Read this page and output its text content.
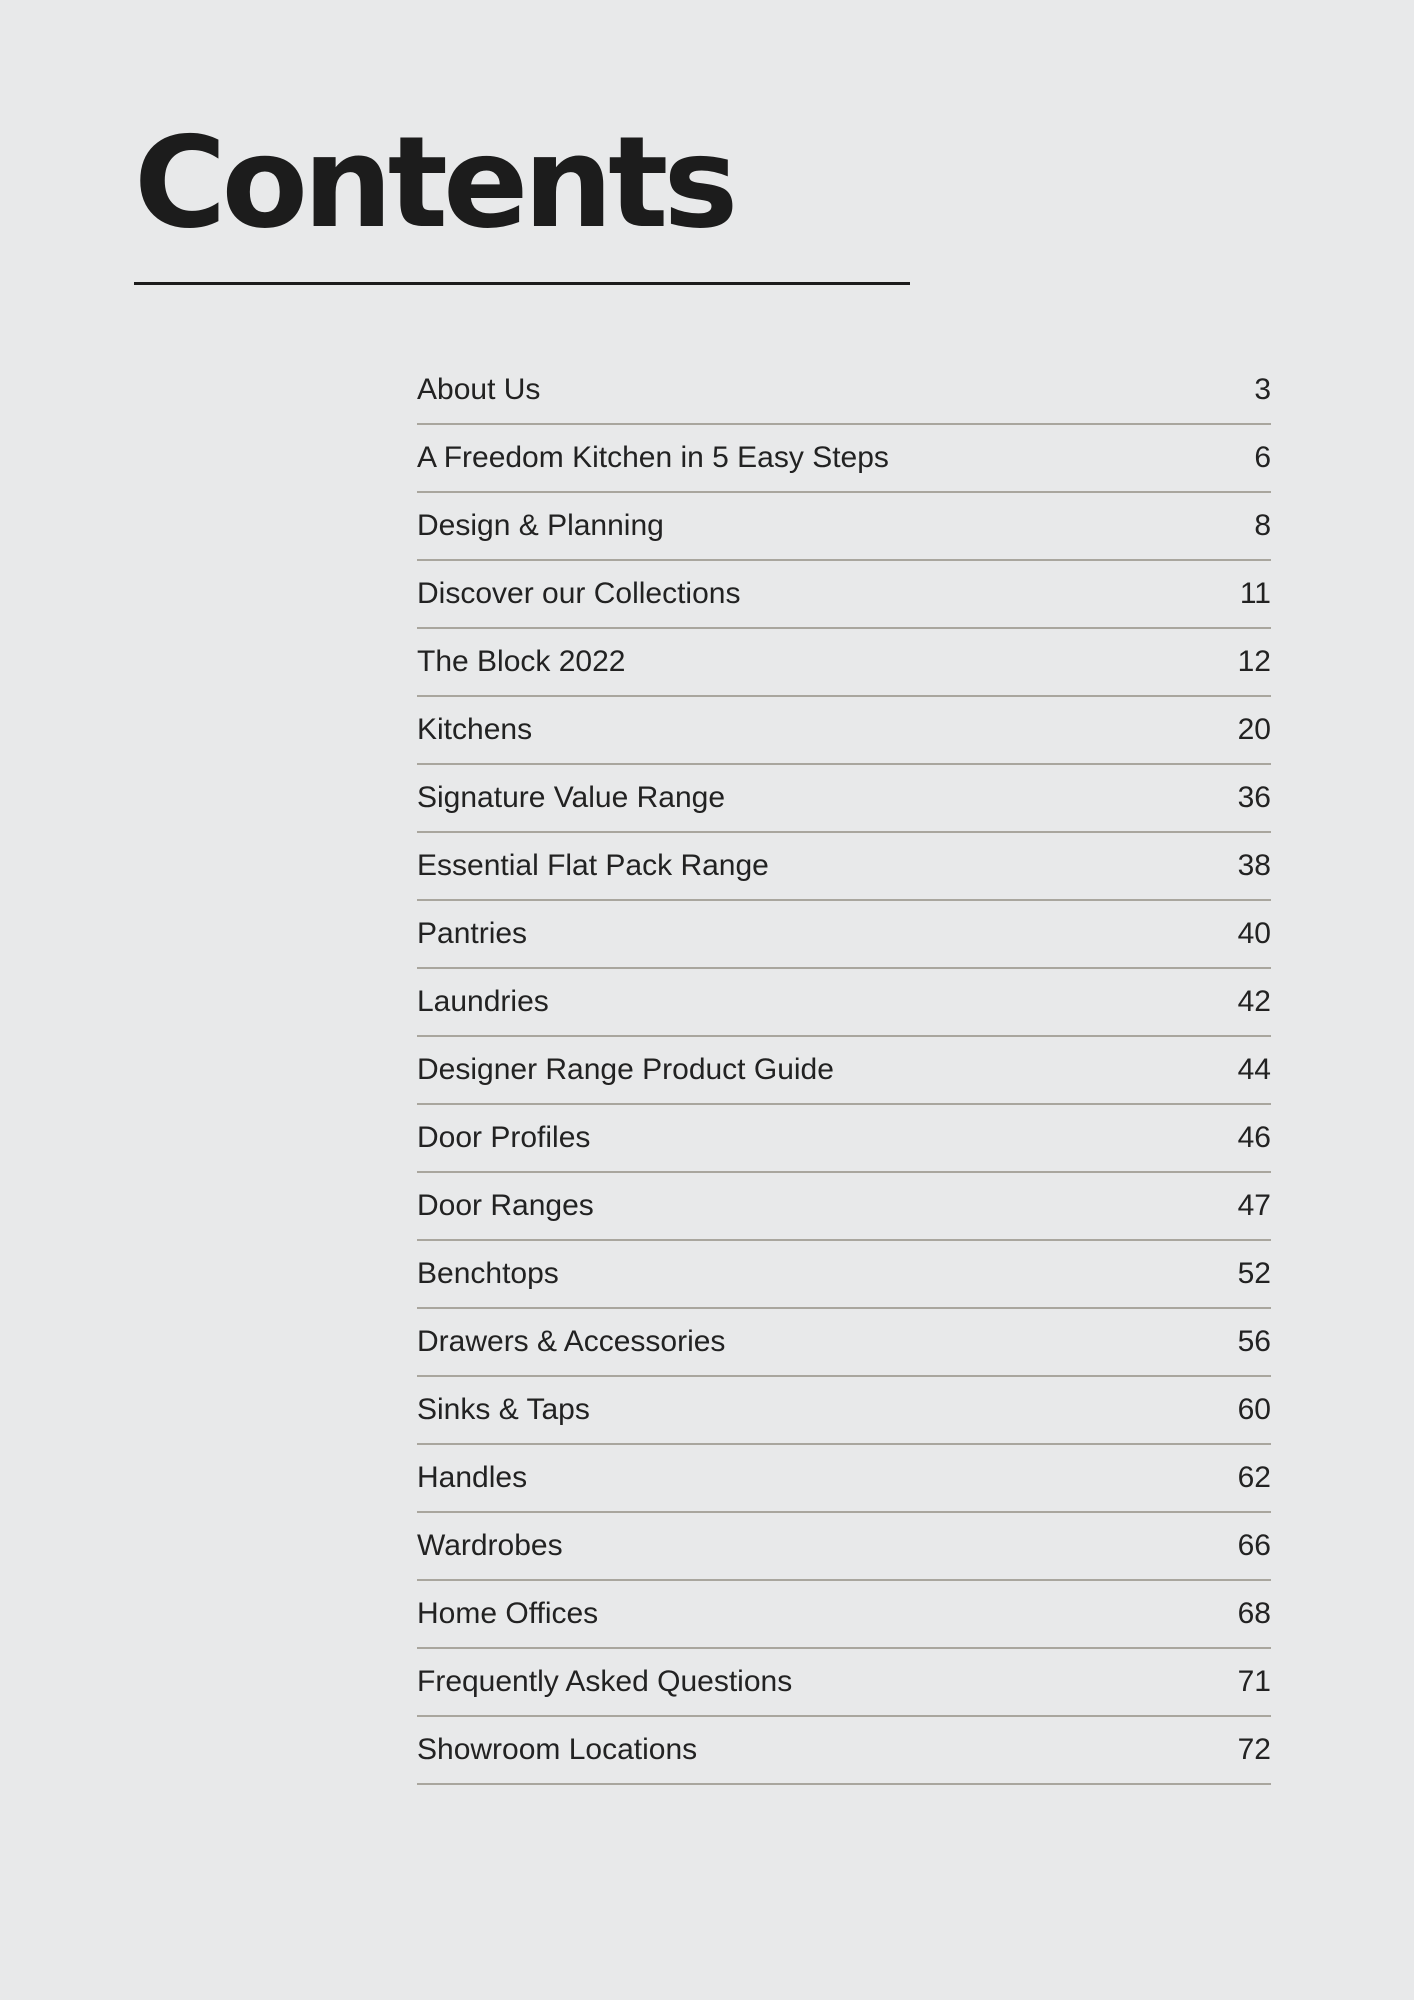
Contents
About Us	3
A Freedom Kitchen in 5 Easy Steps	6
Design & Planning	8
Discover our Collections	11
The Block 2022	12
Kitchens	20
Signature Value Range	36
Essential Flat Pack Range	38
Pantries	40
Laundries	42
Designer Range Product Guide	44
Door Profiles	46
Door Ranges	47
Benchtops	52
Drawers & Accessories	56
Sinks & Taps	60
Handles	62
Wardrobes	66
Home Offices	68
Frequently Asked Questions	71
Showroom Locations	72
